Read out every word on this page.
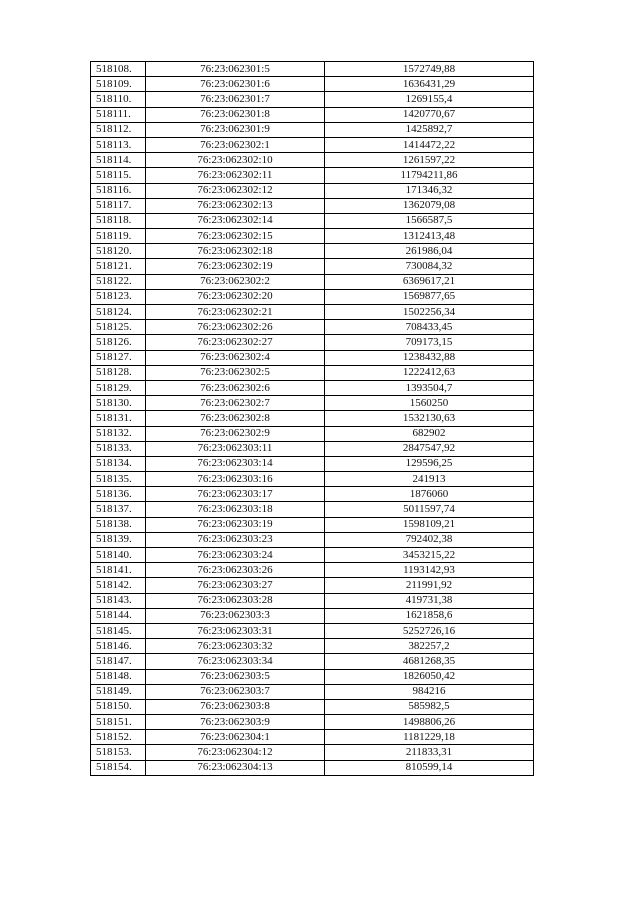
518108.	76:23:062301:5	1572749,88
518109.	76:23:062301:6	1636431,29
518110.	76:23:062301:7	1269155,4
518111.	76:23:062301:8	1420770,67
518112.	76:23:062301:9	1425892,7
518113.	76:23:062302:1	1414472,22
518114.	76:23:062302:10	1261597,22
518115.	76:23:062302:11	11794211,86
518116.	76:23:062302:12	171346,32
518117.	76:23:062302:13	1362079,08
518118.	76:23:062302:14	1566587,5
518119.	76:23:062302:15	1312413,48
518120.	76:23:062302:18	261986,04
518121.	76:23:062302:19	730084,32
518122.	76:23:062302:2	6369617,21
518123.	76:23:062302:20	1569877,65
518124.	76:23:062302:21	1502256,34
518125.	76:23:062302:26	708433,45
518126.	76:23:062302:27	709173,15
518127.	76:23:062302:4	1238432,88
518128.	76:23:062302:5	1222412,63
518129.	76:23:062302:6	1393504,7
518130.	76:23:062302:7	1560250
518131.	76:23:062302:8	1532130,63
518132.	76:23:062302:9	682902
518133.	76:23:062303:11	2847547,92
518134.	76:23:062303:14	129596,25
518135.	76:23:062303:16	241913
518136.	76:23:062303:17	1876060
518137.	76:23:062303:18	5011597,74
518138.	76:23:062303:19	1598109,21
518139.	76:23:062303:23	792402,38
518140.	76:23:062303:24	3453215,22
518141.	76:23:062303:26	1193142,93
518142.	76:23:062303:27	211991,92
518143.	76:23:062303:28	419731,38
518144.	76:23:062303:3	1621858,6
518145.	76:23:062303:31	5252726,16
518146.	76:23:062303:32	382257,2
518147.	76:23:062303:34	4681268,35
518148.	76:23:062303:5	1826050,42
518149.	76:23:062303:7	984216
518150.	76:23:062303:8	585982,5
518151.	76:23:062303:9	1498806,26
518152.	76:23:062304:1	1181229,18
518153.	76:23:062304:12	211833,31
518154.	76:23:062304:13	810599,14
